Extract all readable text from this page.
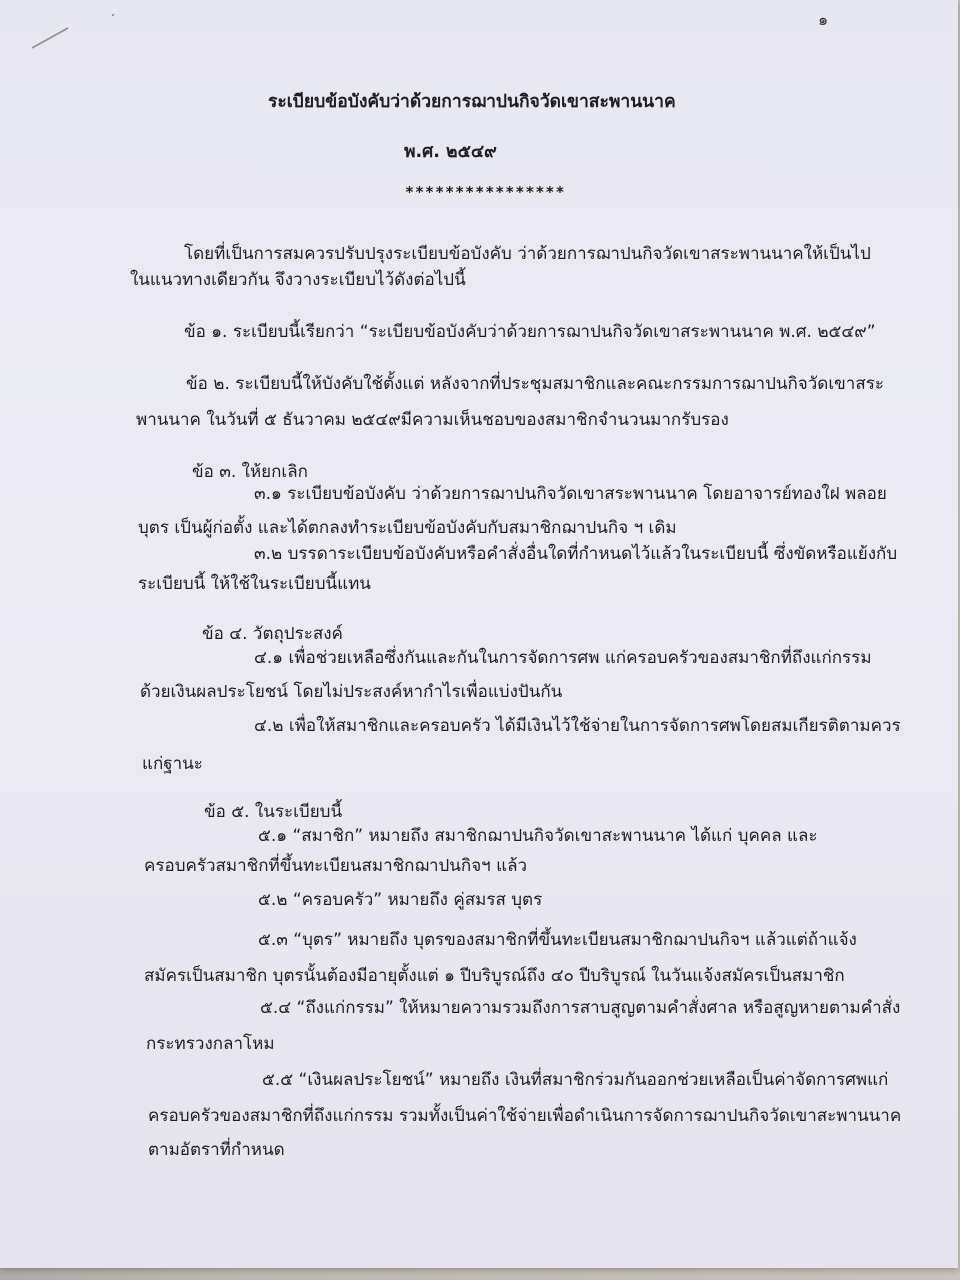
๑
ระเบียบข้อบังคับว่าด้วยการฌาปนกิจวัดเขาสะพานนาค
พ.ศ. ๒๕๔๙
****************
โดยที่เป็นการสมควรปรับปรุงระเบียบข้อบังคับ ว่าด้วยการฌาปนกิจวัดเขาสระพานนาคให้เป็นไป
ในแนวทางเดียวกัน จึงวางระเบียบไว้ดังต่อไปนี้
ข้อ ๑. ระเบียบนี้เรียกว่า “ระเบียบข้อบังคับว่าด้วยการฌาปนกิจวัดเขาสระพานนาค พ.ศ. ๒๕๔๙”
ข้อ ๒. ระเบียบนี้ให้บังคับใช้ตั้งแต่ หลังจากที่ประชุมสมาชิกและคณะกรรมการฌาปนกิจวัดเขาสระ
พานนาค ในวันที่ ๕ ธันวาคม ๒๕๔๙มีความเห็นชอบของสมาชิกจำนวนมากรับรอง
ข้อ ๓. ให้ยกเลิก
๓.๑ ระเบียบข้อบังคับ ว่าด้วยการฌาปนกิจวัดเขาสระพานนาค โดยอาจารย์ทองใฝ พลอย
บุตร เป็นผู้ก่อตั้ง และได้ตกลงทำระเบียบข้อบังคับกับสมาชิกฌาปนกิจ ฯ เดิม
๓.๒ บรรดาระเบียบข้อบังคับหรือคำสั่งอื่นใดที่กำหนดไว้แล้วในระเบียบนี้ ซึ่งขัดหรือแย้งกับ
ระเบียบนี้ ให้ใช้ในระเบียบนี้แทน
ข้อ ๔. วัตถุประสงค์
๔.๑ เพื่อช่วยเหลือซึ่งกันและกันในการจัดการศพ แก่ครอบครัวของสมาชิกที่ถึงแก่กรรม
ด้วยเงินผลประโยชน์ โดยไม่ประสงค์หากำไรเพื่อแบ่งปันกัน
๔.๒ เพื่อให้สมาชิกและครอบครัว ได้มีเงินไว้ใช้จ่ายในการจัดการศพโดยสมเกียรติตามควร
แก่ฐานะ
ข้อ ๕. ในระเบียบนี้
๕.๑ “สมาชิก” หมายถึง สมาชิกฌาปนกิจวัดเขาสะพานนาค ได้แก่ บุคคล และ
ครอบครัวสมาชิกที่ขึ้นทะเบียนสมาชิกฌาปนกิจฯ แล้ว
๕.๒ “ครอบครัว” หมายถึง คู่สมรส บุตร
๕.๓ “บุตร” หมายถึง บุตรของสมาชิกที่ขึ้นทะเบียนสมาชิกฌาปนกิจฯ แล้วแต่ถ้าแจ้ง
สมัครเป็นสมาชิก บุตรนั้นต้องมีอายุตั้งแต่ ๑ ปีบริบูรณ์ถึง ๔๐ ปีบริบูรณ์ ในวันแจ้งสมัครเป็นสมาชิก
๕.๔ “ถึงแก่กรรม” ให้หมายความรวมถึงการสาบสูญตามคำสั่งศาล หรือสูญหายตามคำสั่ง
กระทรวงกลาโหม
๕.๕ “เงินผลประโยชน์” หมายถึง เงินที่สมาชิกร่วมกันออกช่วยเหลือเป็นค่าจัดการศพแก่
ครอบครัวของสมาชิกที่ถึงแก่กรรม รวมทั้งเป็นค่าใช้จ่ายเพื่อดำเนินการจัดการฌาปนกิจวัดเขาสะพานนาค
ตามอัตราที่กำหนด
